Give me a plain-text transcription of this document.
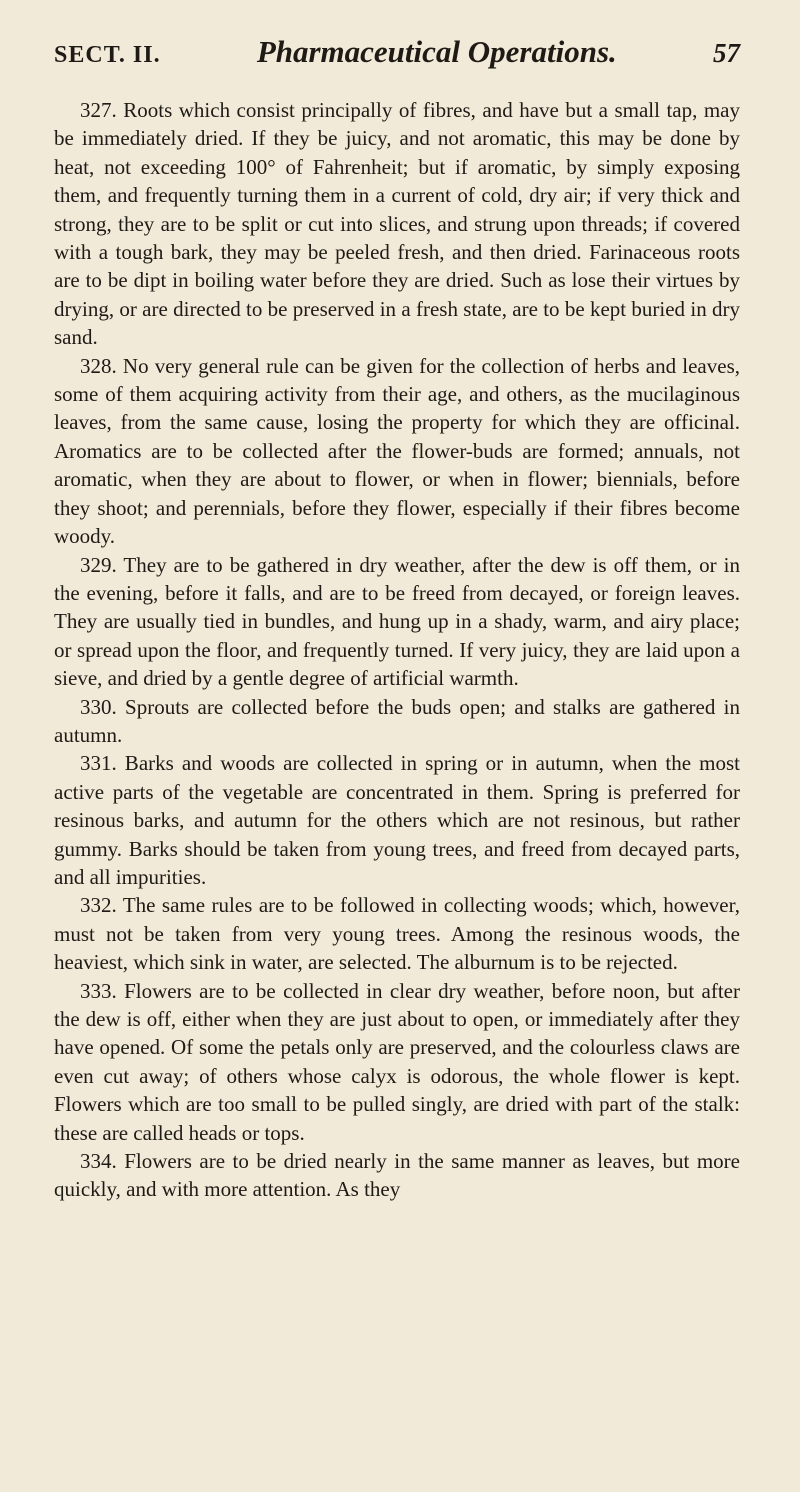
SECT. II.	Pharmaceutical Operations.	57

327. Roots which consist principally of fibres, and have but a small tap, may be immediately dried. If they be juicy, and not aromatic, this may be done by heat, not exceeding 100° of Fahrenheit; but if aromatic, by simply exposing them, and frequently turning them in a current of cold, dry air; if very thick and strong, they are to be split or cut into slices, and strung upon threads; if covered with a tough bark, they may be peeled fresh, and then dried. Farinaceous roots are to be dipt in boiling water before they are dried. Such as lose their virtues by drying, or are directed to be preserved in a fresh state, are to be kept buried in dry sand.

328. No very general rule can be given for the collection of herbs and leaves, some of them acquiring activity from their age, and others, as the mucilaginous leaves, from the same cause, losing the property for which they are officinal. Aromatics are to be collected after the flower-buds are formed; annuals, not aromatic, when they are about to flower, or when in flower; biennials, before they shoot; and perennials, before they flower, especially if their fibres become woody.

329. They are to be gathered in dry weather, after the dew is off them, or in the evening, before it falls, and are to be freed from decayed, or foreign leaves. They are usually tied in bundles, and hung up in a shady, warm, and airy place; or spread upon the floor, and frequently turned. If very juicy, they are laid upon a sieve, and dried by a gentle degree of artificial warmth.

330. Sprouts are collected before the buds open; and stalks are gathered in autumn.

331. Barks and woods are collected in spring or in autumn, when the most active parts of the vegetable are concentrated in them. Spring is preferred for resinous barks, and autumn for the others which are not resinous, but rather gummy. Barks should be taken from young trees, and freed from decayed parts, and all impurities.

332. The same rules are to be followed in collecting woods; which, however, must not be taken from very young trees. Among the resinous woods, the heaviest, which sink in water, are selected. The alburnum is to be rejected.

333. Flowers are to be collected in clear dry weather, before noon, but after the dew is off, either when they are just about to open, or immediately after they have opened. Of some the petals only are preserved, and the colourless claws are even cut away; of others whose calyx is odorous, the whole flower is kept. Flowers which are too small to be pulled singly, are dried with part of the stalk: these are called heads or tops.

334. Flowers are to be dried nearly in the same manner as leaves, but more quickly, and with more attention. As they
